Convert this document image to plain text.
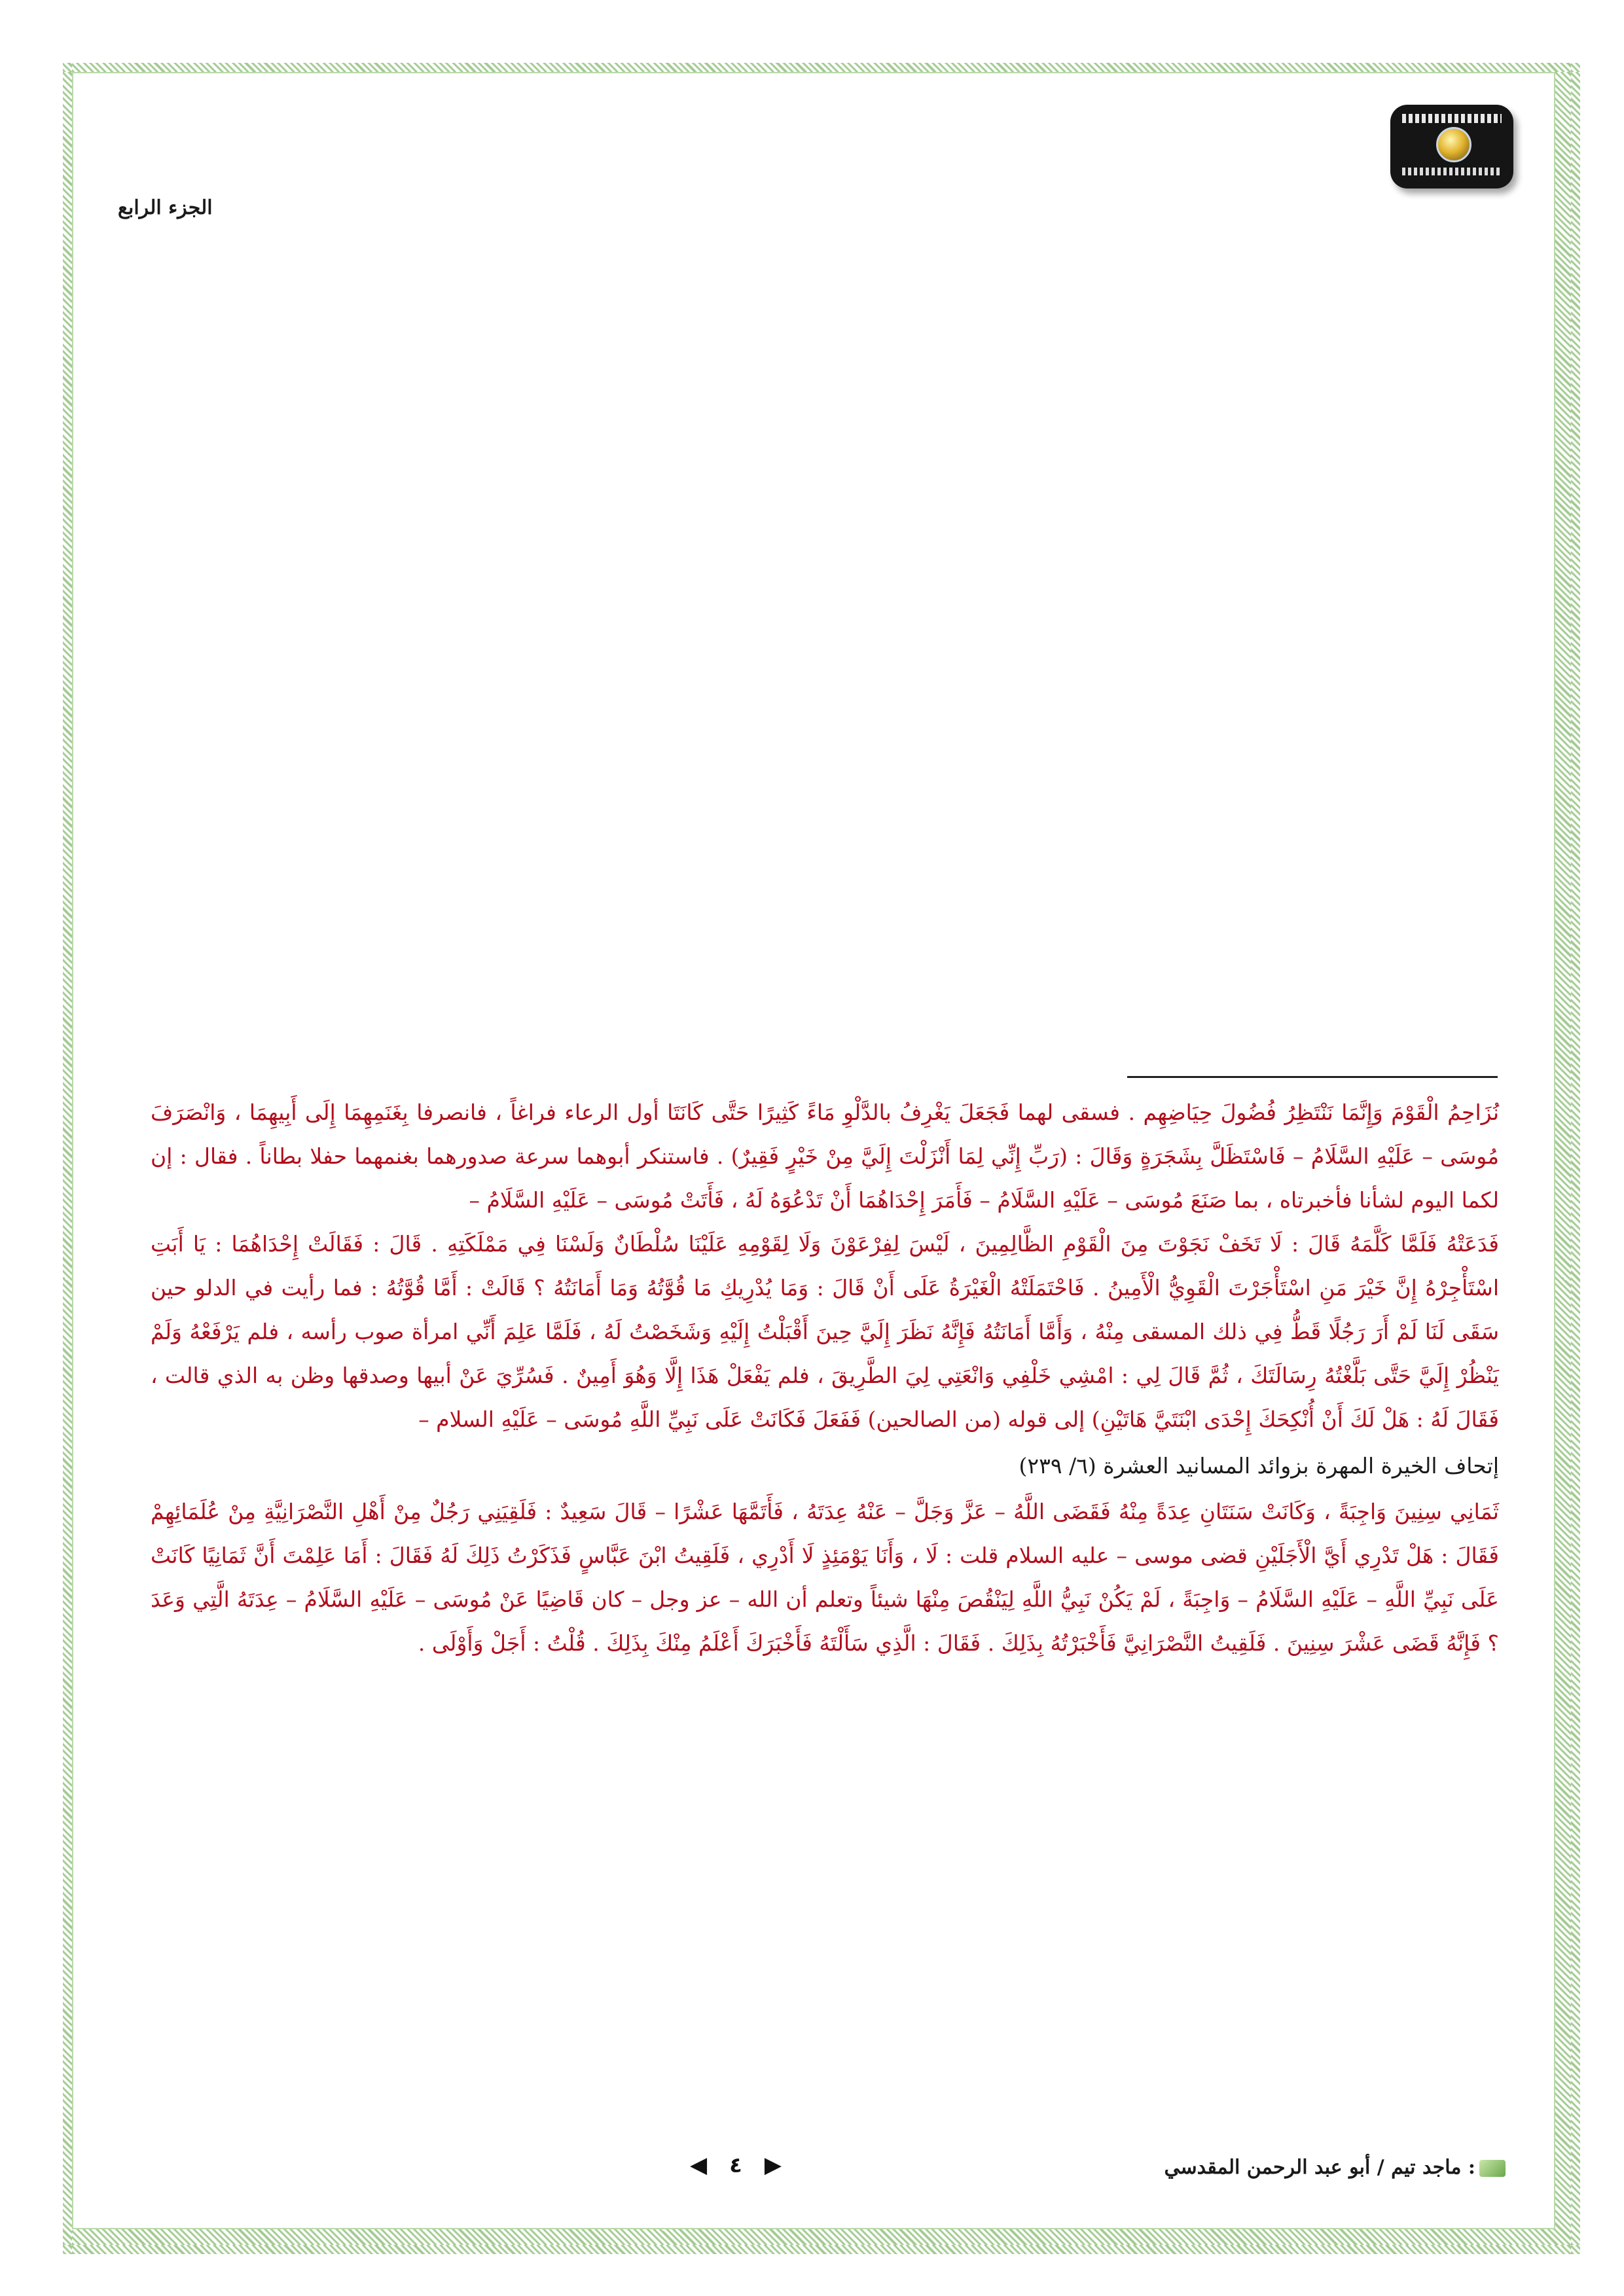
الجزء الرابع

نُزَاحِمُ الْقَوْمَ وَإِنَّمَا نَنْتَظِرُ فُضُولَ حِيَاضِهِم . فسقى لهما فَجَعَلَ يَغْرِفُ بالدَّلْوِ مَاءً كَثِيرًا حَتَّى كَانَتَا أول الرعاء فراغاً ، فانصرفا بِغَنَمِهِمَا إِلَى أَبِيهِمَا ، وَانْصَرَفَ مُوسَى – عَلَيْهِ السَّلَامُ – فَاسْتَظَلَّ بِشَجَرَةٍ وَقَالَ : (رَبِّ إِنِّي لِمَا أَنْزَلْتَ إِلَيَّ مِنْ خَيْرٍ فَقِيرٌ) . فاستنكر أبوهما سرعة صدورهما بغنمهما حفلا بطاناً . فقال : إن لكما اليوم لشأنا فأخبرتاه ، بما صَنَعَ مُوسَى – عَلَيْهِ السَّلَامُ – فَأَمَرَ إِحْدَاهُمَا أَنْ تَدْعُوَهُ لَهُ ، فَأَتَتْ مُوسَى – عَلَيْهِ السَّلَامُ –

فَدَعَتْهُ فَلَمَّا كَلَّمَهُ قَالَ : لَا تَخَفْ نَجَوْتَ مِنَ الْقَوْمِ الظَّالِمِينَ ، لَيْسَ لِفِرْعَوْنَ وَلَا لِقَوْمِهِ عَلَيْنَا سُلْطَانٌ وَلَسْنَا فِي مَمْلَكَتِهِ . قَالَ : فَقَالَتْ إِحْدَاهُمَا : يَا أَبَتِ اسْتَأْجِرْهُ إِنَّ خَيْرَ مَنِ اسْتَأْجَرْتَ الْقَوِيُّ الْأَمِينُ . فَاحْتَمَلَتْهُ الْغَيْرَةُ عَلَى أَنْ قَالَ : وَمَا يُدْرِيكِ مَا قُوَّتُهُ وَمَا أَمَانَتُهُ ؟ قَالَتْ : أَمَّا قُوَّتُهُ : فما رأيت في الدلو حين سَقَى لَنَا لَمْ أَرَ رَجُلًا قَطُّ فِي ذلك المسقى مِنْهُ ، وَأَمَّا أَمَانَتُهُ فَإِنَّهُ نَظَرَ إِلَيَّ حِينَ أَقْبَلْتُ إِلَيْهِ وَشَخَصْتُ لَهُ ، فَلَمَّا عَلِمَ أَنِّي امرأة صوب رأسه ، فلم يَرْفَعْهُ وَلَمْ يَنْظُرْ إِلَيَّ حَتَّى بَلَّغْتُهُ رِسَالَتَكَ ، ثُمَّ قَالَ لِي : امْشِي خَلْفِي وَانْعَتِي لِيَ الطَّرِيقَ ، فلم يَفْعَلْ هَذَا إِلَّا وَهُوَ أَمِينٌ . فَسُرِّيَ عَنْ أبيها وصدقها وظن به الذي قالت ، فَقَالَ لَهُ : هَلْ لَكَ أَنْ أُنْكِحَكَ إِحْدَى ابْنَتَيَّ هَاتَيْنِ) إلى قوله (من الصالحين) فَفَعَلَ فَكَانَتْ عَلَى نَبِيِّ اللَّهِ مُوسَى – عَلَيْهِ السلام –

إتحاف الخيرة المهرة بزوائد المسانيد العشرة (٦/ ٢٣٩)

ثَمَانِي سِنِينَ وَاجِبَةً ، وَكَانَتْ سَنَتَانِ عِدَةً مِنْهُ فَقَضَى اللَّهُ – عَزَّ وَجَلَّ – عَنْهُ عِدَتَهُ ، فَأَتَمَّهَا عَشْرًا – قَالَ سَعِيدٌ : فَلَقِيَنِي رَجُلٌ مِنْ أَهْلِ النَّصْرَانِيَّةِ مِنْ عُلَمَائِهِمْ فَقَالَ : هَلْ تَدْرِي أَيَّ الْأَجَلَيْنِ قضى موسى – عليه السلام قلت : لَا ، وَأَنَا يَوْمَئِذٍ لَا أَدْرِي ، فَلَقِيتُ ابْنَ عَبَّاسٍ فَذَكَرْتُ ذَلِكَ لَهُ فَقَالَ : أَمَا عَلِمْتَ أَنَّ ثَمَانِيًا كَانَتْ عَلَى نَبِيِّ اللَّهِ – عَلَيْهِ السَّلَامُ – وَاجِبَةً ، لَمْ يَكُنْ نَبِيُّ اللَّهِ لِيَنْقُصَ مِنْهَا شيئاً وتعلم أن الله – عز وجل – كان قَاضِيًا عَنْ مُوسَى – عَلَيْهِ السَّلَامُ – عِدَتَهُ الَّتِي وَعَدَ ؟ فَإِنَّهُ قَضَى عَشْرَ سِنِينَ . فَلَقِيتُ النَّصْرَانِيَّ فَأَخْبَرْتُهُ بِذَلِكَ . فَقَالَ : الَّذِي سَأَلْتَهُ فَأَخْبَرَكَ أَعْلَمُ مِنْكَ بِذَلِكَ . قُلْتُ : أَجَلْ وَأَوْلَى .

◀ ٤ ▶	: ماجد تيم / أبو عبد الرحمن المقدسي
